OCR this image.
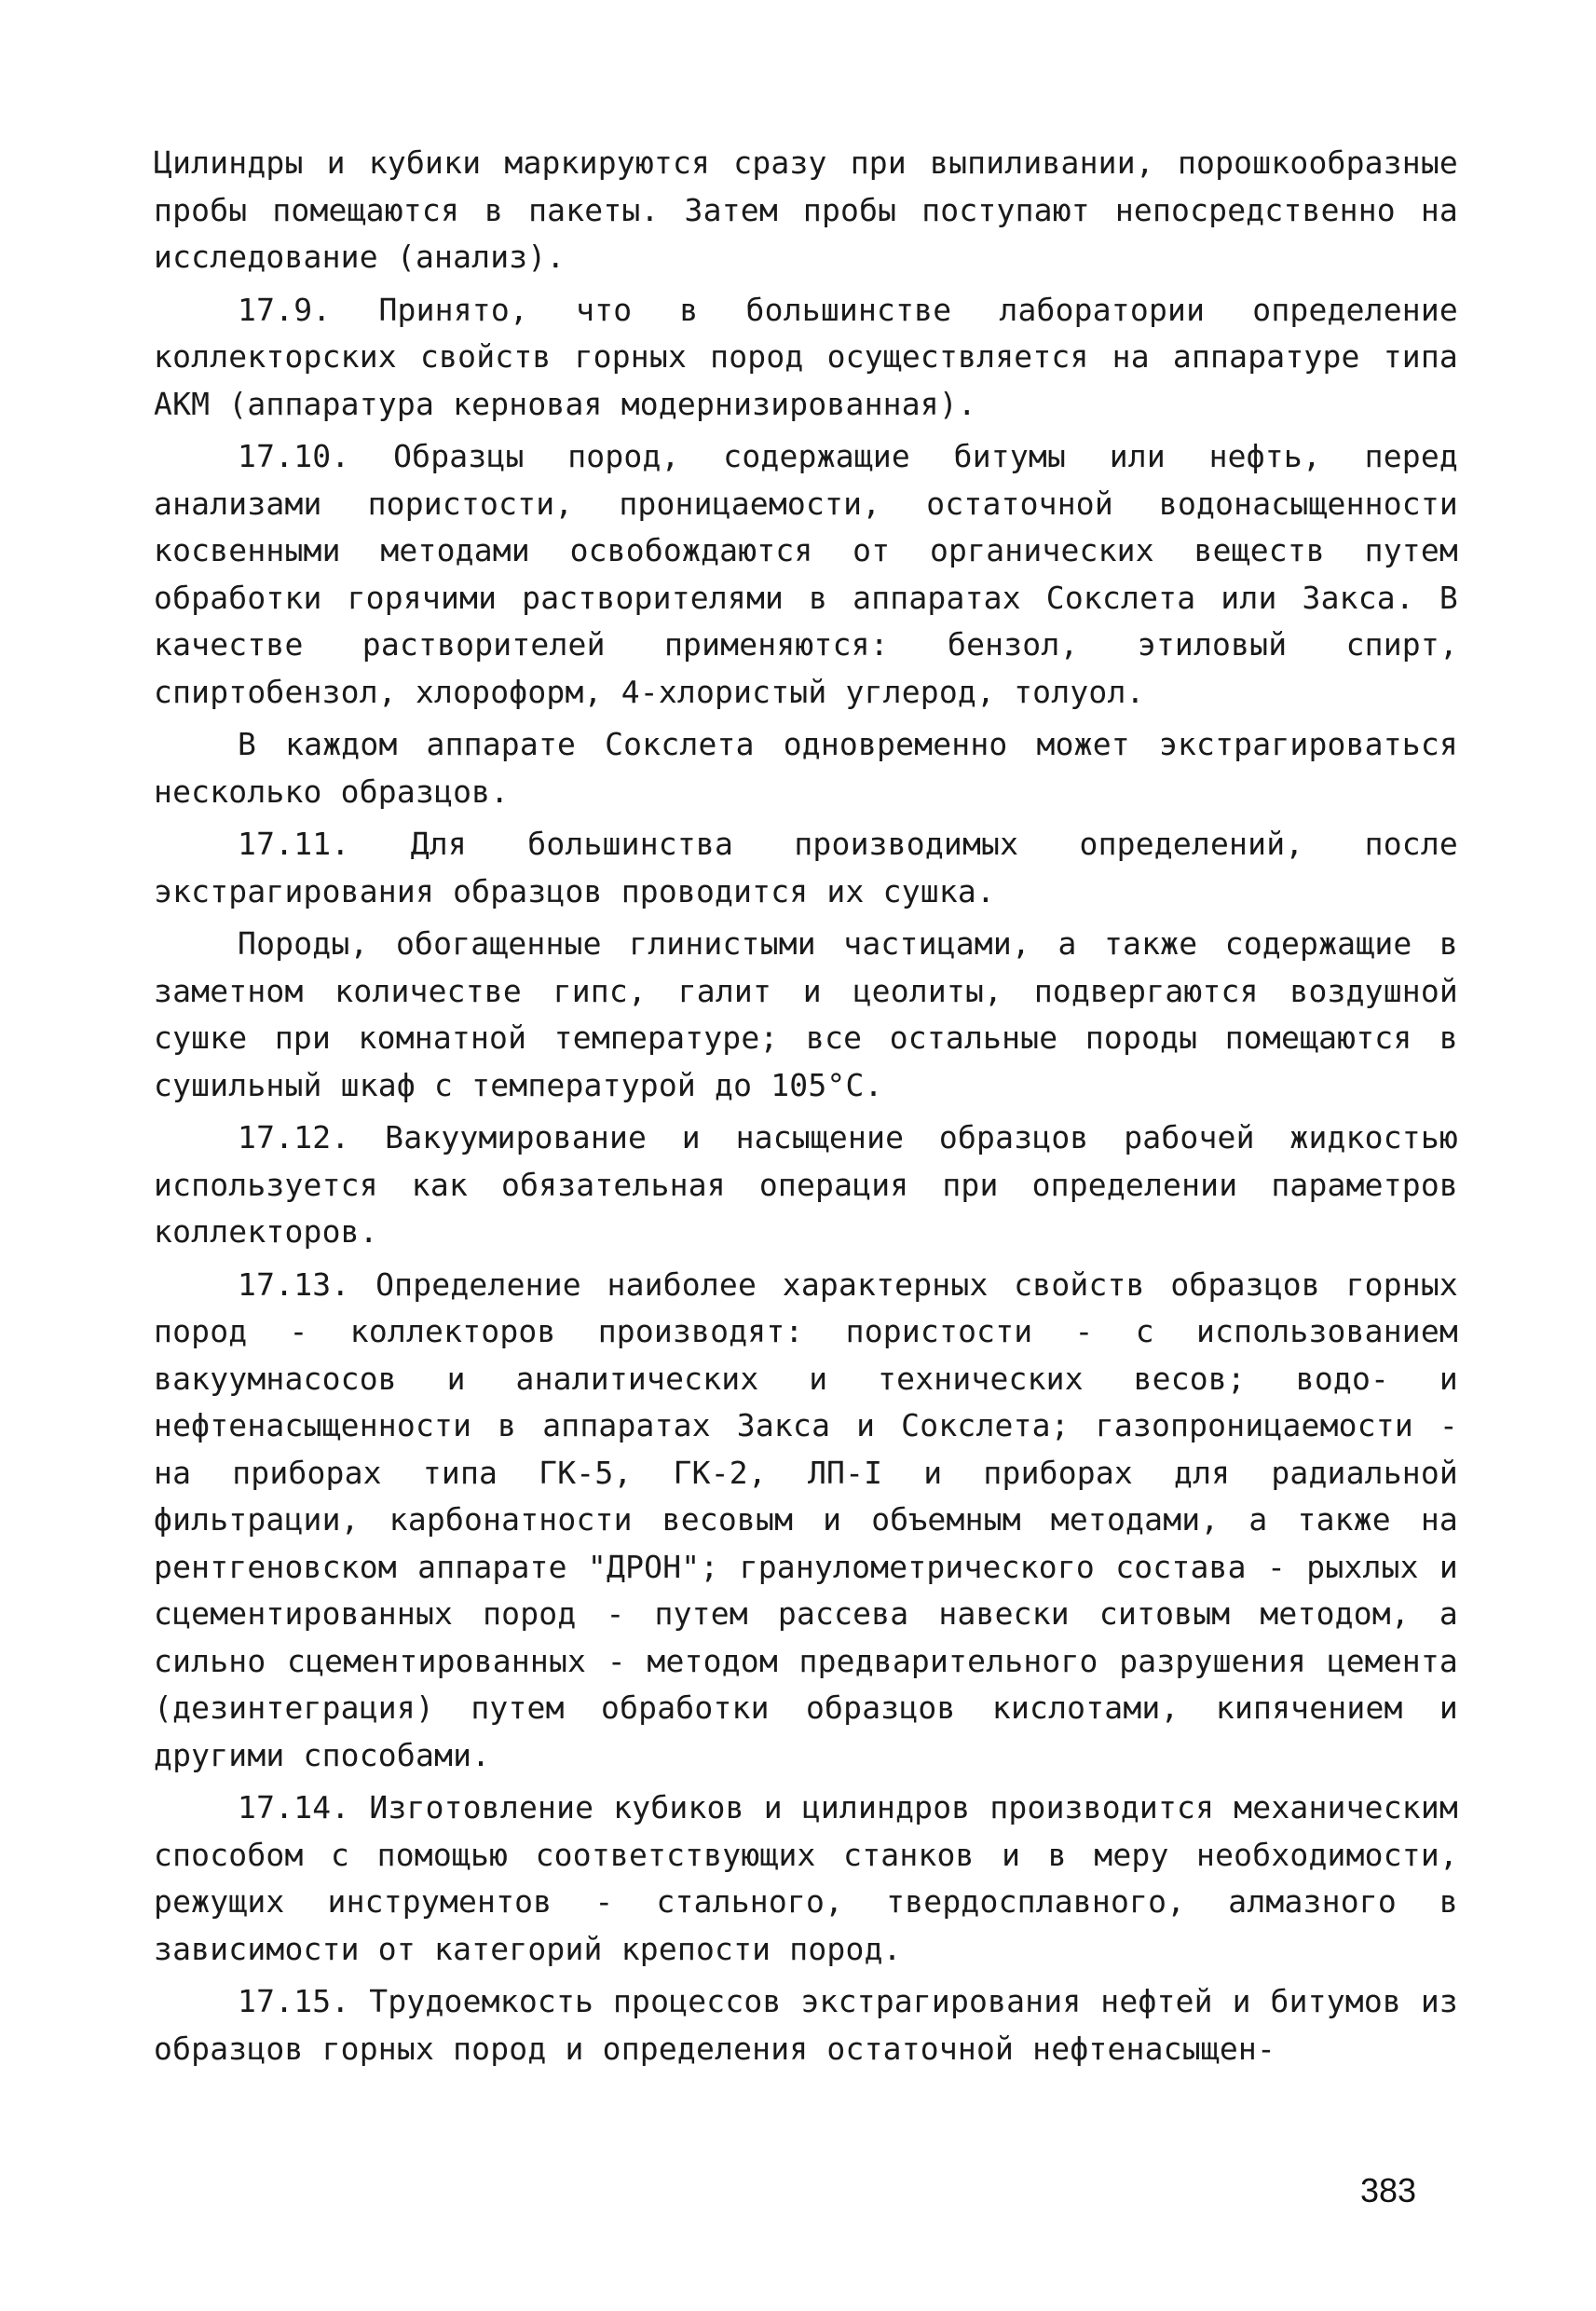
Цилиндры и кубики маркируются сразу при выпиливании, порошкообразные пробы помещаются в пакеты. Затем пробы поступают непосредственно на исследование (анализ).

17.9. Принято, что в большинстве лаборатории определение коллекторских свойств горных пород осуществляется на аппаратуре типа АКМ (аппаратура керновая модернизированная).

17.10. Образцы пород, содержащие битумы или нефть, перед анализами пористости, проницаемости, остаточной водонасыщенности косвенными методами освобождаются от органических веществ путем обработки горячими растворителями в аппаратах Сокслета или Закса. В качестве растворителей применяются: бензол, этиловый спирт, спиртобензол, хлороформ, 4-хлористый углерод, толуол.

В каждом аппарате Сокслета одновременно может экстрагироваться несколько образцов.

17.11. Для большинства производимых определений, после экстрагирования образцов проводится их сушка.

Породы, обогащенные глинистыми частицами, а также содержащие в заметном количестве гипс, галит и цеолиты, подвергаются воздушной сушке при комнатной температуре; все остальные породы помещаются в сушильный шкаф с температурой до 105°С.

17.12. Вакуумирование и насыщение образцов рабочей жидкостью используется как обязательная операция при определении параметров коллекторов.

17.13. Определение наиболее характерных свойств образцов горных пород - коллекторов производят: пористости - с использованием вакуумнасосов и аналитических и технических весов; водо- и нефтенасыщенности в аппаратах Закса и Сокслета; газопроницаемости - на приборах типа ГК-5, ГК-2, ЛП-I и приборах для радиальной фильтрации, карбонатности весовым и объемным методами, а также на рентгеновском аппарате "ДРОН"; гранулометрического состава - рыхлых и сцементированных пород - путем рассева навески ситовым методом, а сильно сцементированных - методом предварительного разрушения цемента (дезинтеграция) путем обработки образцов кислотами, кипячением и другими способами.

17.14. Изготовление кубиков и цилиндров производится механическим способом с помощью соответствующих станков и в меру необходимости, режущих инструментов - стального, твердосплавного, алмазного в зависимости от категорий крепости пород.

17.15. Трудоемкость процессов экстрагирования нефтей и битумов из образцов горных пород и определения остаточной нефтенасыщен-

383
